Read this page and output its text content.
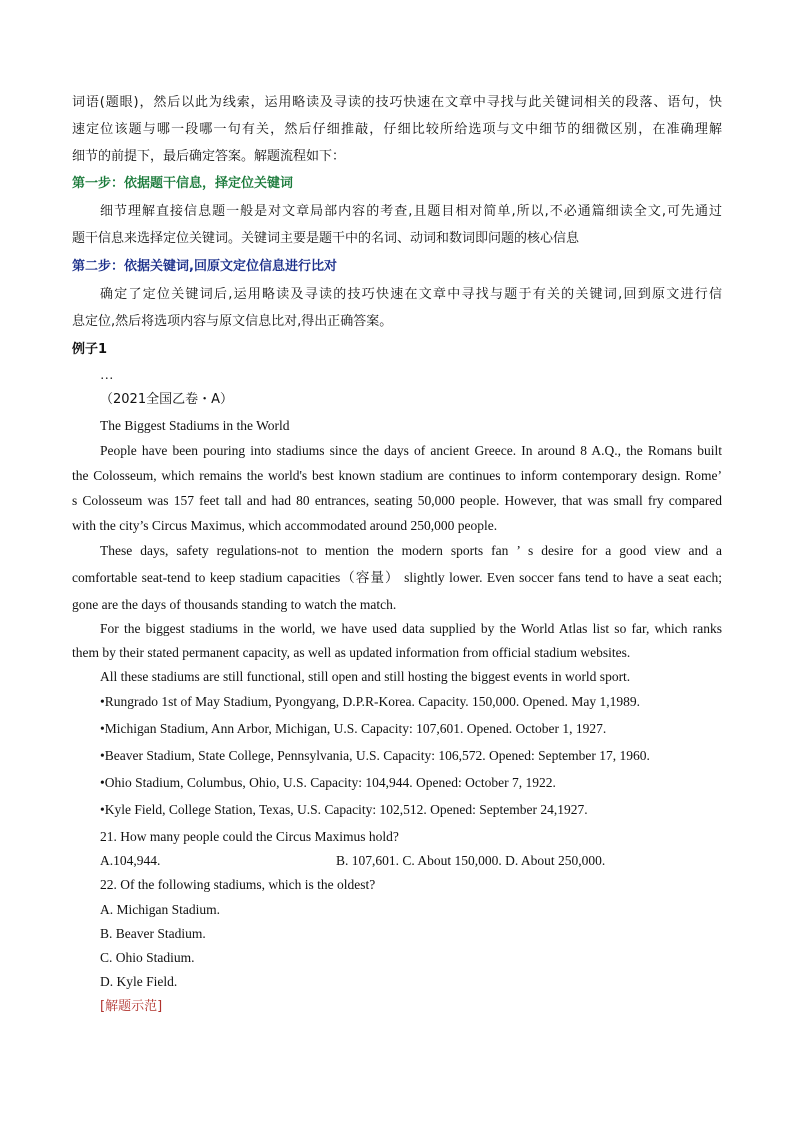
词语(题眼)，然后以此为线索，运用略读及寻读的技巧快速在文章中寻找与此关键词相关的段落、语句，快
速定位该题与哪一段哪一句有关，然后仔细推敲，仔细比较所给选项与文中细节的细微区别，在准确理解
细节的前提下，最后确定答案。解题流程如下：
第一步：依据题干信息，择定位关键词
细节理解直接信息题一般是对文章局部内容的考查,且题目相对简单,所以,不必通篇细读全文,可先通过
题干信息来选择定位关键词。关键词主要是题干中的名词、动词和数词即问题的核心信息
第二步：依据关键词,回原文定位信息进行比对
确定了定位关键词后,运用略读及寻读的技巧快速在文章中寻找与题于有关的关键词,回到原文进行信
息定位,然后将选项内容与原文信息比对,得出正确答案。
例子1
…
（2021全国乙卷・A）
The Biggest Stadiums in the World
People have been pouring into stadiums since the days of ancient Greece. In around 8 A.Q., the Romans built
the Colosseum, which remains the world's best known stadium are continues to inform contemporary design. Rome’
s Colosseum was 157 feet tall and had 80 entrances, seating 50,000 people. However, that was small fry compared
with the city’s Circus Maximus, which accommodated around 250,000 people.
These days, safety regulations-not to mention the modern sports fan ’ s desire for a good view and a
comfortable seat-tend to keep stadium capacities（容量） slightly lower. Even soccer fans tend to have a seat each;
gone are the days of thousands standing to watch the match.
For the biggest stadiums in the world, we have used data supplied by the World Atlas list so far, which ranks
them by their stated permanent capacity, as well as updated information from official stadium websites.
All these stadiums are still functional, still open and still hosting the biggest events in world sport.
•Rungrado 1st of May Stadium, Pyongyang, D.P.R-Korea. Capacity. 150,000. Opened. May 1,1989.
•Michigan Stadium, Ann Arbor, Michigan, U.S. Capacity: 107,601. Opened. October 1, 1927.
•Beaver Stadium, State College, Pennsylvania, U.S. Capacity: 106,572. Opened: September 17, 1960.
•Ohio Stadium, Columbus, Ohio, U.S. Capacity: 104,944. Opened: October 7, 1922.
•Kyle Field, College Station, Texas, U.S. Capacity: 102,512. Opened: September 24,1927.
21. How many people could the Circus Maximus hold?
A.104,944.	B. 107,601. C. About 150,000. D. About 250,000.
22. Of the following stadiums, which is the oldest?
A. Michigan Stadium.
B. Beaver Stadium.
C. Ohio Stadium.
D. Kyle Field.
[解题示范]
